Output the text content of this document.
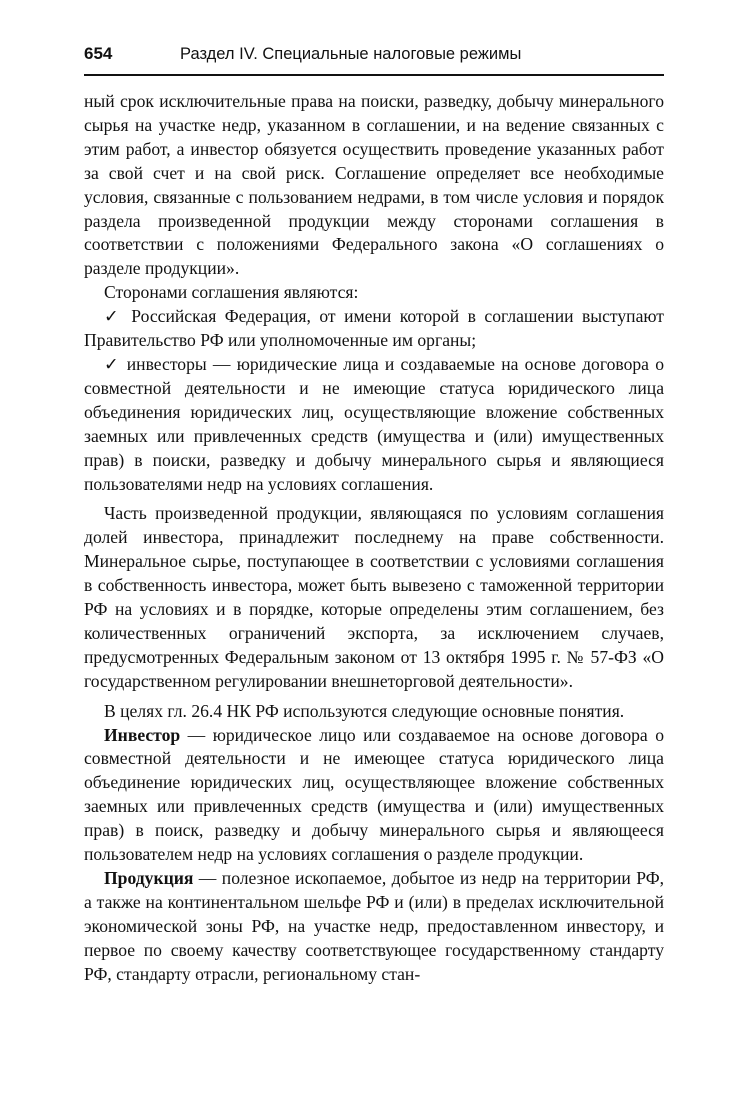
654	Раздел IV. Специальные налоговые режимы

ный срок исключительные права на поиски, разведку, добычу минерального сырья на участке недр, указанном в соглашении, и на ведение связанных с этим работ, а инвестор обязуется осуществить проведение указанных работ за свой счет и на свой риск. Соглашение определяет все необходимые условия, связанные с пользованием недрами, в том числе условия и порядок раздела произведенной продукции между сторонами соглашения в соответствии с положениями Федерального закона «О соглашениях о разделе продукции».

Сторонами соглашения являются:

✓ Российская Федерация, от имени которой в соглашении выступают Правительство РФ или уполномоченные им органы;

✓ инвесторы — юридические лица и создаваемые на основе договора о совместной деятельности и не имеющие статуса юридического лица объединения юридических лиц, осуществляющие вложение собственных заемных или привлеченных средств (имущества и (или) имущественных прав) в поиски, разведку и добычу минерального сырья и являющиеся пользователями недр на условиях соглашения.

Часть произведенной продукции, являющаяся по условиям соглашения долей инвестора, принадлежит последнему на праве собственности. Минеральное сырье, поступающее в соответствии с условиями соглашения в собственность инвестора, может быть вывезено с таможенной территории РФ на условиях и в порядке, которые определены этим соглашением, без количественных ограничений экспорта, за исключением случаев, предусмотренных Федеральным законом от 13 октября 1995 г. № 57-ФЗ «О государственном регулировании внешнеторговой деятельности».

В целях гл. 26.4 НК РФ используются следующие основные понятия.

Инвестор — юридическое лицо или создаваемое на основе договора о совместной деятельности и не имеющее статуса юридического лица объединение юридических лиц, осуществляющее вложение собственных заемных или привлеченных средств (имущества и (или) имущественных прав) в поиск, разведку и добычу минерального сырья и являющееся пользователем недр на условиях соглашения о разделе продукции.

Продукция — полезное ископаемое, добытое из недр на территории РФ, а также на континентальном шельфе РФ и (или) в пределах исключительной экономической зоны РФ, на участке недр, предоставленном инвестору, и первое по своему качеству соответствующее государственному стандарту РФ, стандарту отрасли, региональному стан-
